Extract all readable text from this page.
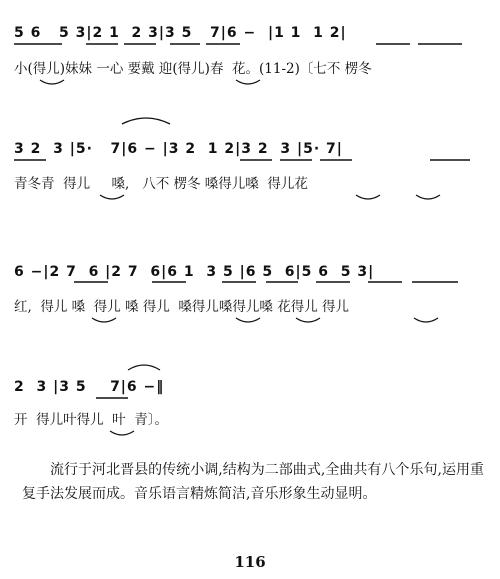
5 6   5 3|2 1  2 3|3 5   7|6 −  |1 1  1 2|
小(得儿)妹妹 一心 要戴 迎(得儿)春  花。(11-2)〔七不 楞冬
3 2  3 |5·   7|6 − |3 2  1 2|3 2  3 |5· 7|
青冬青  得儿     嗓,   八不 楞冬 嗓得儿嗓  得儿花
6 −|2 7  6 |2 7  6|6 1  3 5 |6 5  6|5 6  5 3|
红,  得儿 嗓  得儿 嗓 得儿  嗓得儿嗓得儿嗓 花得儿 得儿
2  3 |3 5    7|6 −‖
开  得儿叶得儿  叶  青〕。
流行于河北晋县的传统小调,结构为二部曲式,全曲共有八个乐句,运用重复手法发展而成。音乐语言精炼简洁,音乐形象生动显明。
116
